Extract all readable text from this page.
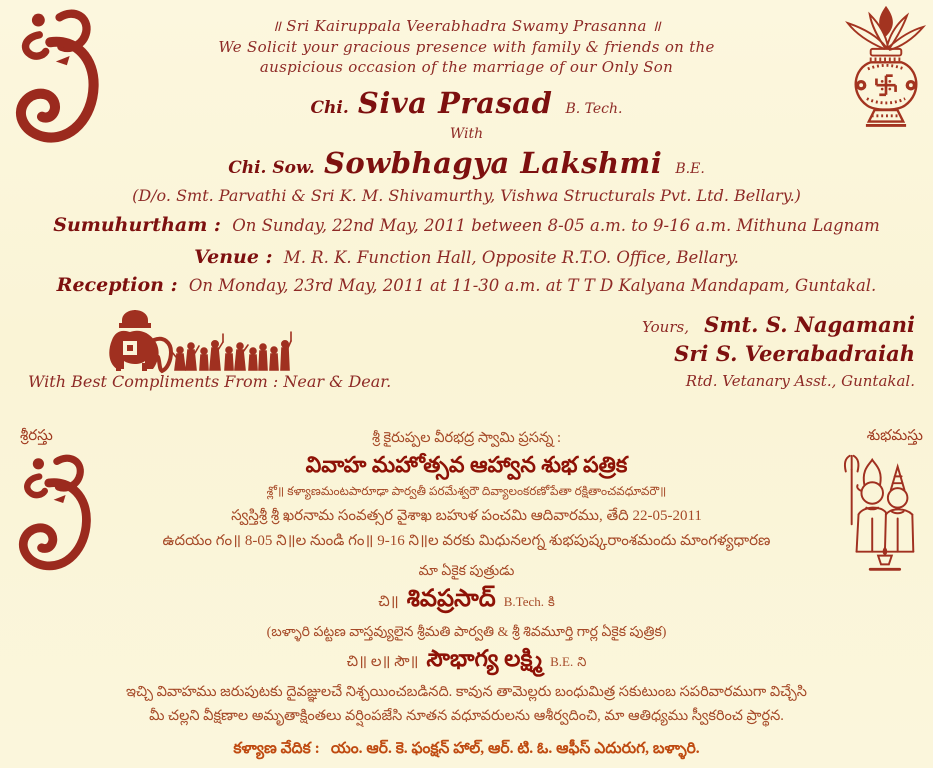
॥ Sri Kairuppala Veerabhadra Swamy Prasanna ॥
We Solicit your gracious presence with family & friends on the
auspicious occasion of the marriage of our Only Son
Chi. Siva Prasad B. Tech.
With
Chi. Sow. Sowbhagya Lakshmi B.E.
(D/o. Smt. Parvathi & Sri K. M. Shivamurthy, Vishwa Structurals Pvt. Ltd. Bellary.)
Sumuhurtham : On Sunday, 22nd May, 2011 between 8-05 a.m. to 9-16 a.m. Mithuna Lagnam
Venue : M. R. K. Function Hall, Opposite R.T.O. Office, Bellary.
Reception : On Monday, 23rd May, 2011 at 11-30 a.m. at T T D Kalyana Mandapam, Guntakal.
Yours, Smt. S. Nagamani
Sri S. Veerabadraiah
Rtd. Vetanary Asst., Guntakal.
With Best Compliments From : Near & Dear.
శ్రీరస్తు	శుభమస్తు
శ్రీ కైరుప్పల వీరభద్ర స్వామి ప్రసన్న :
వివాహ మహోత్సవ ఆహ్వాన శుభ పత్రిక
శ్లో॥ కళ్యాణమంటపారూఢా పార్వతీ పరమేశ్వరౌ దివ్యాలంకరణోపేతా రక్షితాంచవధూవరౌ॥
స్వస్తిశ్రీ శ్రీ ఖరనామ సంవత్సర వైశాఖ బహుళ పంచమి ఆదివారము, తేది 22-05-2011
ఉదయం గం॥ 8-05 ని॥ల నుండి గం॥ 9-16 ని॥ల వరకు మిధునలగ్న శుభపుష్కరాంశమందు మాంగళ్యధారణ
మా ఏకైక పుత్రుడు
చి॥ శివప్రసాద్ B.Tech. కి
(బళ్ళారి పట్టణ వాస్తవ్యులైన శ్రీమతి పార్వతి & శ్రీ శివమూర్తి గార్ల ఏకైక పుత్రిక)
చి॥ ల॥ సౌ॥ సౌభాగ్య లక్ష్మి B.E. ని
ఇచ్చి వివాహము జరుపుటకు దైవజ్ఞులచే నిశ్చయించబడినది. కావున తామెల్లరు బంధుమిత్ర సకుటుంబ సపరివారముగా విచ్చేసి
మీ చల్లని వీక్షణాల అమృతాక్షింతలు వర్షింపజేసి నూతన వధూవరులను ఆశీర్వదించి, మా ఆతిధ్యము స్వీకరించ ప్రార్థన.
కళ్యాణ వేదిక : యం. ఆర్. కె. ఫంక్షన్ హాల్, ఆర్. టి. ఓ. ఆఫీస్ ఎదురుగ, బళ్ళారి.
